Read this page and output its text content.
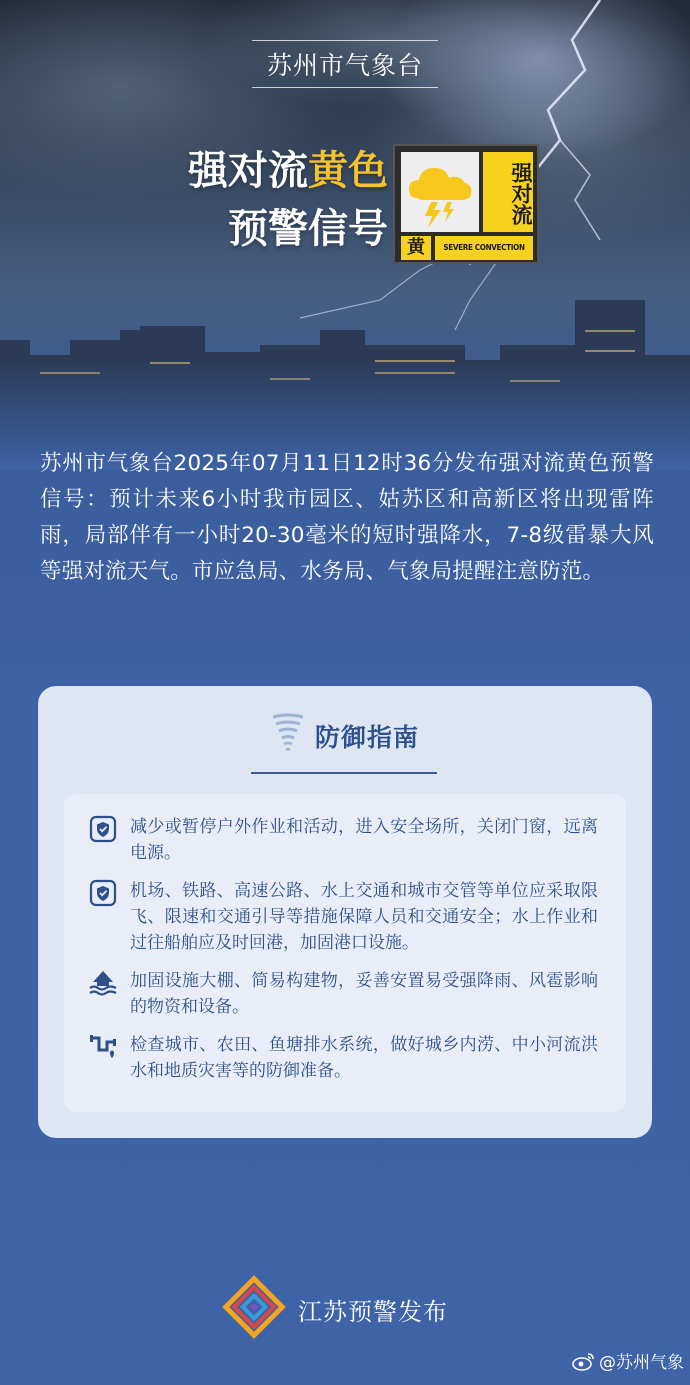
苏州市气象台
强对流黄色
预警信号
强对流
黄	SEVERE CONVECTION
苏州市气象台2025年07月11日12时36分发布强对流黄色预警信号：预计未来6小时我市园区、姑苏区和高新区将出现雷阵雨，局部伴有一小时20-30毫米的短时强降水，7-8级雷暴大风等强对流天气。市应急局、水务局、气象局提醒注意防范。
防御指南
减少或暂停户外作业和活动，进入安全场所，关闭门窗，远离电源。
机场、铁路、高速公路、水上交通和城市交管等单位应采取限飞、限速和交通引导等措施保障人员和交通安全；水上作业和过往船舶应及时回港，加固港口设施。
加固设施大棚、简易构建物，妥善安置易受强降雨、风雹影响的物资和设备。
检查城市、农田、鱼塘排水系统，做好城乡内涝、中小河流洪水和地质灾害等的防御准备。
江苏预警发布
@苏州气象
